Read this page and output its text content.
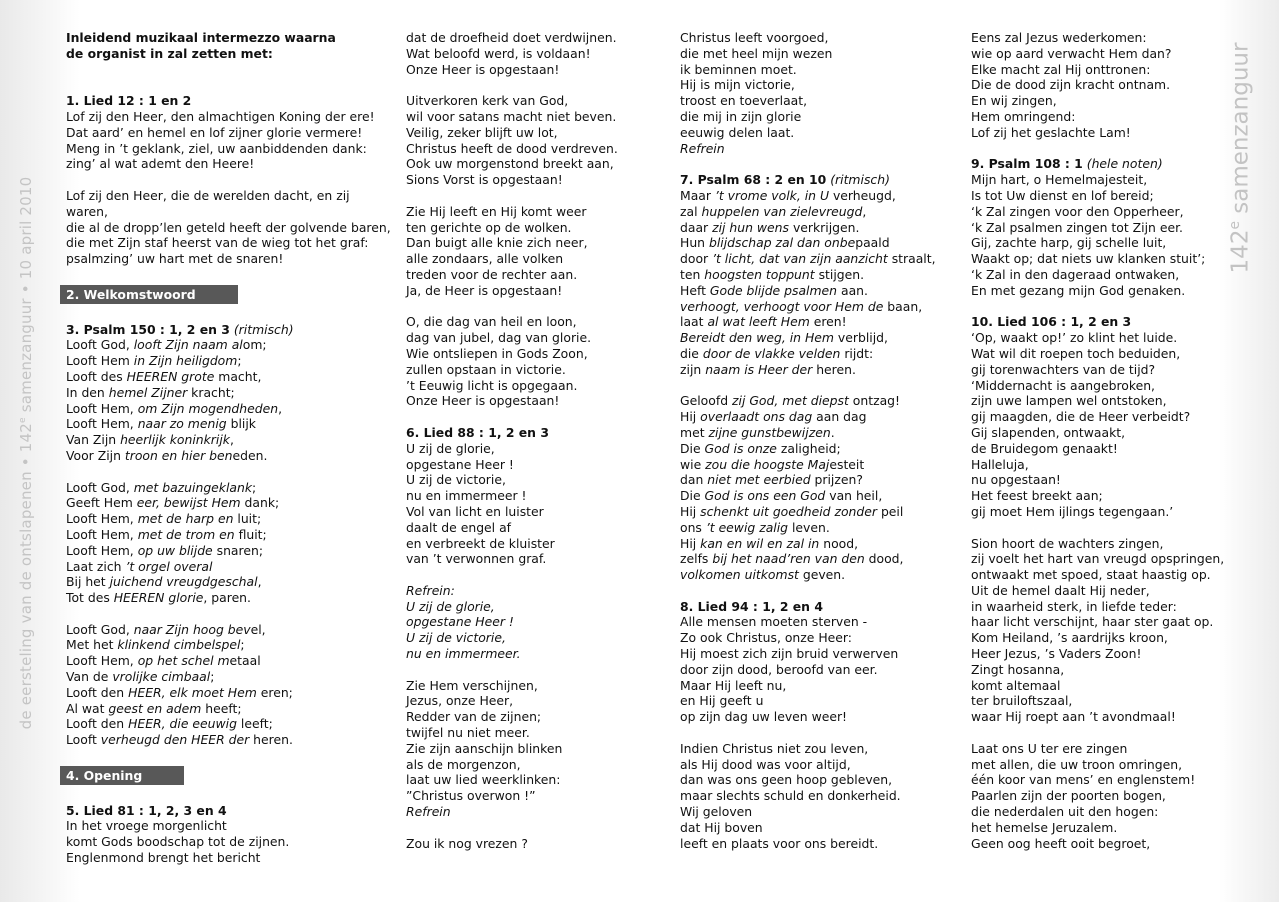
de eersteling van de ontslapenen • 142e samenzanguur • 10 april 2010	142e samenzanguur
Inleidend muzikaal intermezzo waarna
de organist in zal zetten met:
1. Lied 12 : 1 en 2
Lof zij den Heer, den almachtigen Koning der ere!
Dat aard’ en hemel en lof zijner glorie vermere!
Meng in ’t geklank, ziel, uw aanbiddenden dank:
zing’ al wat ademt den Heere!
Lof zij den Heer, die de werelden dacht, en zij
waren,
die al de dropp’len geteld heeft der golvende baren,
die met Zijn staf heerst van de wieg tot het graf:
psalmzing’ uw hart met de snaren!
2. Welkomstwoord
3. Psalm 150 : 1, 2 en 3 (ritmisch)
Looft God, looft Zijn naam alom;
Looft Hem in Zijn heiligdom;
Looft des HEEREN grote macht,
In den hemel Zijner kracht;
Looft Hem, om Zijn mogendheden,
Looft Hem, naar zo menig blijk
Van Zijn heerlijk koninkrijk,
Voor Zijn troon en hier beneden.
Looft God, met bazuingeklank;
Geeft Hem eer, bewijst Hem dank;
Looft Hem, met de harp en luit;
Looft Hem, met de trom en fluit;
Looft Hem, op uw blijde snaren;
Laat zich ’t orgel overal
Bij het juichend vreugdgeschal,
Tot des HEEREN glorie, paren.
Looft God, naar Zijn hoog bevel,
Met het klinkend cimbelspel;
Looft Hem, op het schel metaal
Van de vrolijke cimbaal;
Looft den HEER, elk moet Hem eren;
Al wat geest en adem heeft;
Looft den HEER, die eeuwig leeft;
Looft verheugd den HEER der heren.
4. Opening
5. Lied 81 : 1, 2, 3 en 4
In het vroege morgenlicht
komt Gods boodschap tot de zijnen.
Englenmond brengt het bericht
dat de droefheid doet verdwijnen.
Wat beloofd werd, is voldaan!
Onze Heer is opgestaan!
Uitverkoren kerk van God,
wil voor satans macht niet beven.
Veilig, zeker blijft uw lot,
Christus heeft de dood verdreven.
Ook uw morgenstond breekt aan,
Sions Vorst is opgestaan!
Zie Hij leeft en Hij komt weer
ten gerichte op de wolken.
Dan buigt alle knie zich neer,
alle zondaars, alle volken
treden voor de rechter aan.
Ja, de Heer is opgestaan!
O, die dag van heil en loon,
dag van jubel, dag van glorie.
Wie ontsliepen in Gods Zoon,
zullen opstaan in victorie.
’t Eeuwig licht is opgegaan.
Onze Heer is opgestaan!
6. Lied 88 : 1, 2 en 3
U zij de glorie,
opgestane Heer !
U zij de victorie,
nu en immermeer !
Vol van licht en luister
daalt de engel af
en verbreekt de kluister
van ’t verwonnen graf.
Refrein:
U zij de glorie,
opgestane Heer !
U zij de victorie,
nu en immermeer.
Zie Hem verschijnen,
Jezus, onze Heer,
Redder van de zijnen;
twijfel nu niet meer.
Zie zijn aanschijn blinken
als de morgenzon,
laat uw lied weerklinken:
”Christus overwon !”
Refrein
Zou ik nog vrezen ?
Christus leeft voorgoed,
die met heel mijn wezen
ik beminnen moet.
Hij is mijn victorie,
troost en toeverlaat,
die mij in zijn glorie
eeuwig delen laat.
Refrein
7. Psalm 68 : 2 en 10 (ritmisch)
Maar ’t vrome volk, in U verheugd,
zal huppelen van zielevreugd,
daar zij hun wens verkrijgen.
Hun blijdschap zal dan onbepaald
door ’t licht, dat van zijn aanzicht straalt,
ten hoogsten toppunt stijgen.
Heft Gode blijde psalmen aan.
verhoogt, verhoogt voor Hem de baan,
laat al wat leeft Hem eren!
Bereidt den weg, in Hem verblijd,
die door de vlakke velden rijdt:
zijn naam is Heer der heren.
Geloofd zij God, met diepst ontzag!
Hij overlaadt ons dag aan dag
met zijne gunstbewijzen.
Die God is onze zaligheid;
wie zou die hoogste Majesteit
dan niet met eerbied prijzen?
Die God is ons een God van heil,
Hij schenkt uit goedheid zonder peil
ons ’t eewig zalig leven.
Hij kan en wil en zal in nood,
zelfs bij het naad’ren van den dood,
volkomen uitkomst geven.
8. Lied 94 : 1, 2 en 4
Alle mensen moeten sterven -
Zo ook Christus, onze Heer:
Hij moest zich zijn bruid verwerven
door zijn dood, beroofd van eer.
Maar Hij leeft nu,
en Hij geeft u
op zijn dag uw leven weer!
Indien Christus niet zou leven,
als Hij dood was voor altijd,
dan was ons geen hoop gebleven,
maar slechts schuld en donkerheid.
Wij geloven
dat Hij boven
leeft en plaats voor ons bereidt.
Eens zal Jezus wederkomen:
wie op aard verwacht Hem dan?
Elke macht zal Hij onttronen:
Die de dood zijn kracht ontnam.
En wij zingen,
Hem omringend:
Lof zij het geslachte Lam!
9. Psalm 108 : 1 (hele noten)
Mijn hart, o Hemelmajesteit,
Is tot Uw dienst en lof bereid;
‘k Zal zingen voor den Opperheer,
‘k Zal psalmen zingen tot Zijn eer.
Gij, zachte harp, gij schelle luit,
Waakt op; dat niets uw klanken stuit’;
‘k Zal in den dageraad ontwaken,
En met gezang mijn God genaken.
10. Lied 106 : 1, 2 en 3
‘Op, waakt op!’ zo klint het luide.
Wat wil dit roepen toch beduiden,
gij torenwachters van de tijd?
‘Middernacht is aangebroken,
zijn uwe lampen wel ontstoken,
gij maagden, die de Heer verbeidt?
Gij slapenden, ontwaakt,
de Bruidegom genaakt!
Halleluja,
nu opgestaan!
Het feest breekt aan;
gij moet Hem ijlings tegengaan.’
Sion hoort de wachters zingen,
zij voelt het hart van vreugd opspringen,
ontwaakt met spoed, staat haastig op.
Uit de hemel daalt Hij neder,
in waarheid sterk, in liefde teder:
haar licht verschijnt, haar ster gaat op.
Kom Heiland, ’s aardrijks kroon,
Heer Jezus, ’s Vaders Zoon!
Zingt hosanna,
komt altemaal
ter bruiloftszaal,
waar Hij roept aan ’t avondmaal!
Laat ons U ter ere zingen
met allen, die uw troon omringen,
één koor van mens’ en englenstem!
Paarlen zijn der poorten bogen,
die nederdalen uit den hogen:
het hemelse Jeruzalem.
Geen oog heeft ooit begroet,
